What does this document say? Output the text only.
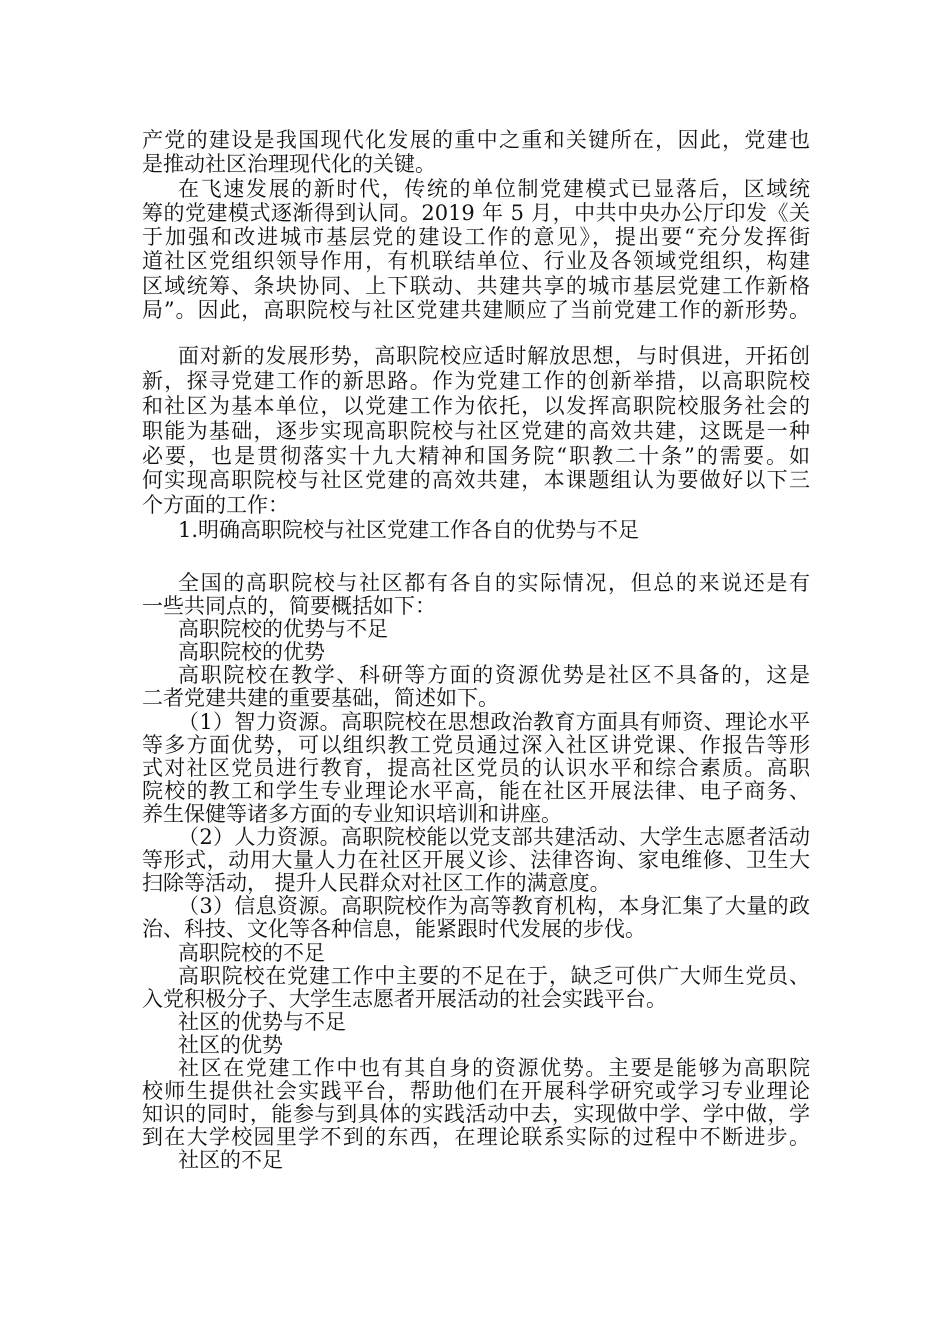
产党的建设是我国现代化发展的重中之重和关键所在，因此，党建也
是推动社区治理现代化的关键。
在飞速发展的新时代，传统的单位制党建模式已显落后，区域统
筹的党建模式逐渐得到认同。2019 年 5 月，中共中央办公厅印发《关
于加强和改进城市基层党的建设工作的意见》，提出要“充分发挥街
道社区党组织领导作用，有机联结单位、行业及各领域党组织，构建
区域统筹、条块协同、上下联动、共建共享的城市基层党建工作新格
局”。因此，高职院校与社区党建共建顺应了当前党建工作的新形势。
面对新的发展形势，高职院校应适时解放思想，与时俱进，开拓创
新，探寻党建工作的新思路。作为党建工作的创新举措，以高职院校
和社区为基本单位，以党建工作为依托，以发挥高职院校服务社会的
职能为基础，逐步实现高职院校与社区党建的高效共建，这既是一种
必要，也是贯彻落实十九大精神和国务院“职教二十条”的需要。如
何实现高职院校与社区党建的高效共建，本课题组认为要做好以下三
个方面的工作：
1.明确高职院校与社区党建工作各自的优势与不足
全国的高职院校与社区都有各自的实际情况，但总的来说还是有
一些共同点的，简要概括如下：
高职院校的优势与不足
高职院校的优势
高职院校在教学、科研等方面的资源优势是社区不具备的，这是
二者党建共建的重要基础，简述如下。
（1）智力资源。高职院校在思想政治教育方面具有师资、理论水平
等多方面优势，可以组织教工党员通过深入社区讲党课、作报告等形
式对社区党员进行教育，提高社区党员的认识水平和综合素质。高职
院校的教工和学生专业理论水平高，能在社区开展法律、电子商务、
养生保健等诸多方面的专业知识培训和讲座。
（2）人力资源。高职院校能以党支部共建活动、大学生志愿者活动
等形式，动用大量人力在社区开展义诊、法律咨询、家电维修、卫生大
扫除等活动， 提升人民群众对社区工作的满意度。
（3）信息资源。高职院校作为高等教育机构，本身汇集了大量的政
治、科技、文化等各种信息，能紧跟时代发展的步伐。
高职院校的不足
高职院校在党建工作中主要的不足在于，缺乏可供广大师生党员、
入党积极分子、大学生志愿者开展活动的社会实践平台。
社区的优势与不足
社区的优势
社区在党建工作中也有其自身的资源优势。主要是能够为高职院
校师生提供社会实践平台，帮助他们在开展科学研究或学习专业理论
知识的同时，能参与到具体的实践活动中去，实现做中学、学中做，学
到在大学校园里学不到的东西，在理论联系实际的过程中不断进步。
社区的不足
